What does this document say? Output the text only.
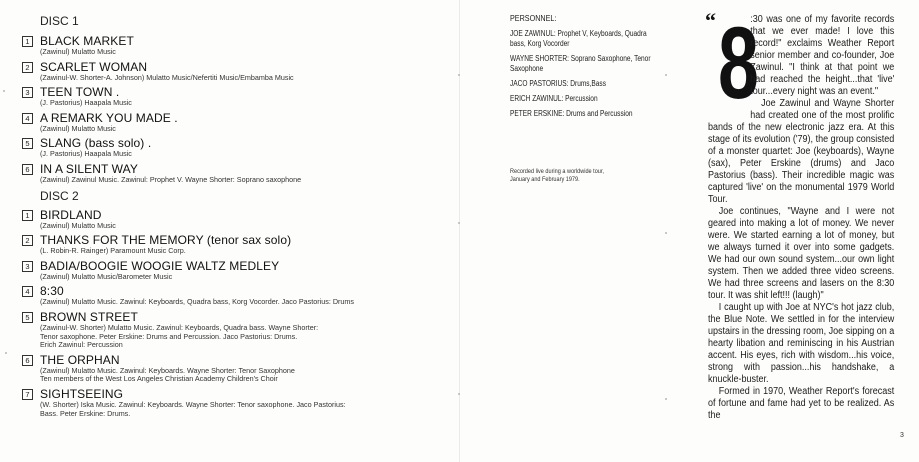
DISC 1
1 BLACK MARKET
(Zawinul) Mulatto Music
2 SCARLET WOMAN
(Zawinul-W. Shorter-A. Johnson) Mulatto Music/Nefertiti Music/Embamba Music
3 TEEN TOWN .
(J. Pastorius) Haapala Music
4 A REMARK YOU MADE .
(Zawinul) Mulatto Music
5 SLANG (bass solo) .
(J. Pastorius) Haapala Music
6 IN A SILENT WAY
(Zawinul) Zawinul Music. Zawinul: Prophet V. Wayne Shorter: Soprano saxophone
DISC 2
1 BIRDLAND
(Zawinul) Mulatto Music
2 THANKS FOR THE MEMORY (tenor sax solo)
(L. Robin-R. Rainger) Paramount Music Corp.
3 BADIA/BOOGIE WOOGIE WALTZ MEDLEY
(Zawinul) Mulatto Music/Barometer Music
4 8:30
(Zawinul) Mulatto Music. Zawinul: Keyboards, Quadra bass, Korg Vocorder. Jaco Pastorius: Drums
5 BROWN STREET
(Zawinul-W. Shorter) Mulatto Music. Zawinul: Keyboards, Quadra bass. Wayne Shorter:
Tenor saxophone. Peter Erskine: Drums and Percussion. Jaco Pastorius: Drums.
Erich Zawinul: Percussion
6 THE ORPHAN
(Zawinul) Mulatto Music. Zawinul: Keyboards. Wayne Shorter: Tenor Saxophone
Ten members of the West Los Angeles Christian Academy Children's Choir
7 SIGHTSEEING
(W. Shorter) Iska Music. Zawinul: Keyboards. Wayne Shorter: Tenor saxophone. Jaco Pastorius:
Bass. Peter Erskine: Drums.
PERSONNEL:
JOE ZAWINUL: Prophet V, Keyboards, Quadra bass, Korg Vocorder
WAYNE SHORTER: Soprano Saxophone, Tenor Saxophone
JACO PASTORIUS: Drums,Bass
ERICH ZAWINUL: Percussion
PETER ERSKINE: Drums and Percussion
Recorded live during a worldwide tour,
January and February 1979.
“ 8

:30 was one of my favorite records that we ever made! I love this record!" exclaims Weather Report senior member and co-founder, Joe Zawinul. "I think at that point we had reached the height...that 'live' tour...every night was an event."

Joe Zawinul and Wayne Shorter had created one of the most prolific bands of the new electronic jazz era. At this stage of its evolution ('79), the group consisted of a monster quartet: Joe (keyboards), Wayne (sax), Peter Erskine (drums) and Jaco Pastorius (bass). Their incredible magic was captured 'live' on the monumental 1979 World Tour.

Joe continues, "Wayne and I were not geared into making a lot of money. We never were. We started earning a lot of money, but we always turned it over into some gadgets. We had our own sound system...our own light system. Then we added three video screens. We had three screens and lasers on the 8:30 tour. It was shit left!!! (laugh)"

I caught up with Joe at NYC's hot jazz club, the Blue Note. We settled in for the interview upstairs in the dressing room, Joe sipping on a hearty libation and reminiscing in his Austrian accent. His eyes, rich with wisdom...his voice, strong with passion...his handshake, a knuckle-buster.

Formed in 1970, Weather Report's forecast of fortune and fame had yet to be realized. As the

3
